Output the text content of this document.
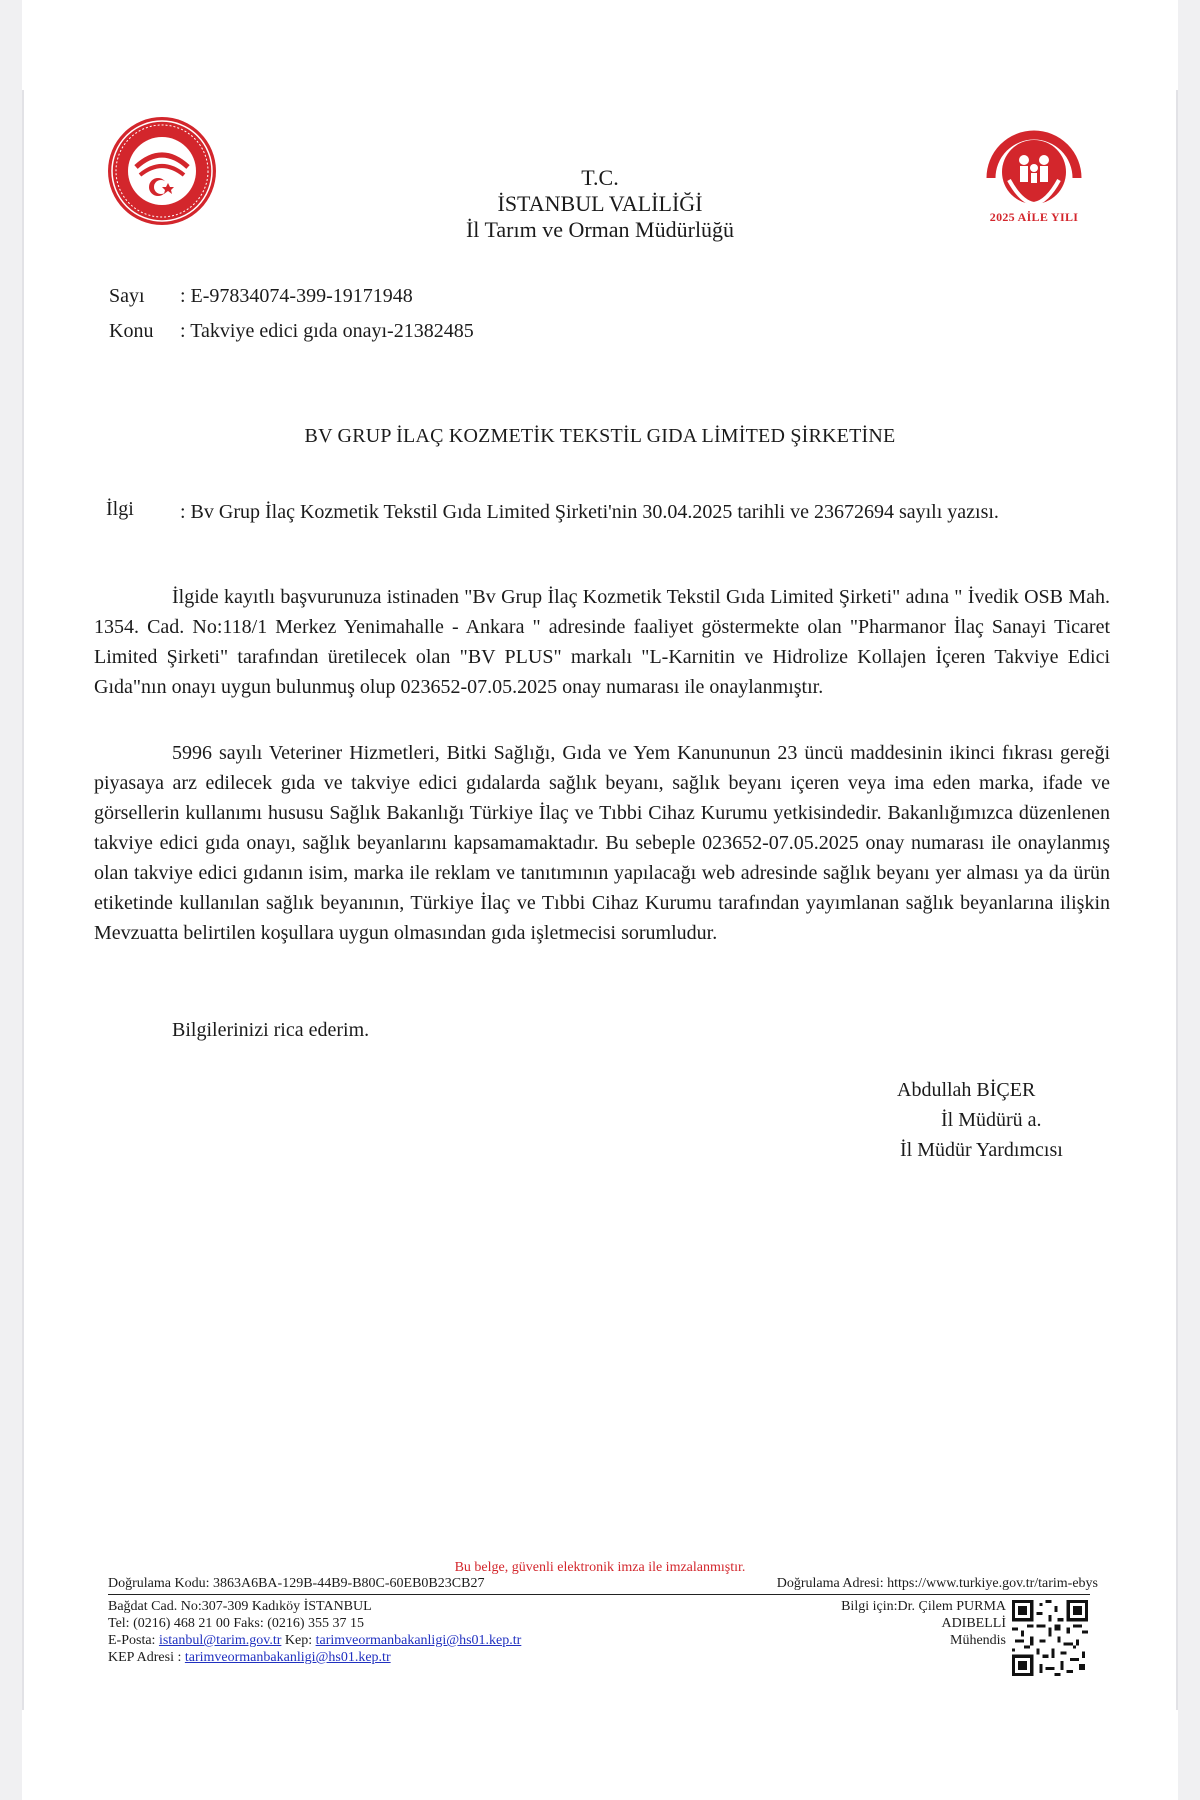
2025 AİLE YILI
T.C.
İSTANBUL VALİLİĞİ
İl Tarım ve Orman Müdürlüğü
Sayı : E-97834074-399-19171948
Konu : Takviye edici gıda onayı-21382485
BV GRUP İLAÇ KOZMETİK TEKSTİL GIDA LİMİTED ŞİRKETİNE
İlgi : Bv Grup İlaç Kozmetik Tekstil Gıda Limited Şirketi'nin 30.04.2025 tarihli ve 23672694 sayılı yazısı.
İlgide kayıtlı başvurunuza istinaden "Bv Grup İlaç Kozmetik Tekstil Gıda Limited Şirketi" adına " İvedik OSB Mah. 1354. Cad. No:118/1 Merkez Yenimahalle - Ankara " adresinde faaliyet göstermekte olan "Pharmanor İlaç Sanayi Ticaret Limited Şirketi" tarafından üretilecek olan "BV PLUS" markalı "L-Karnitin ve Hidrolize Kollajen İçeren Takviye Edici Gıda"nın onayı uygun bulunmuş olup 023652-07.05.2025 onay numarası ile onaylanmıştır.
5996 sayılı Veteriner Hizmetleri, Bitki Sağlığı, Gıda ve Yem Kanununun 23 üncü maddesinin ikinci fıkrası gereği piyasaya arz edilecek gıda ve takviye edici gıdalarda sağlık beyanı, sağlık beyanı içeren veya ima eden marka, ifade ve görsellerin kullanımı hususu Sağlık Bakanlığı Türkiye İlaç ve Tıbbi Cihaz Kurumu yetkisindedir. Bakanlığımızca düzenlenen takviye edici gıda onayı, sağlık beyanlarını kapsamamaktadır. Bu sebeple 023652-07.05.2025 onay numarası ile onaylanmış olan takviye edici gıdanın isim, marka ile reklam ve tanıtımının yapılacağı web adresinde sağlık beyanı yer alması ya da ürün etiketinde kullanılan sağlık beyanının, Türkiye İlaç ve Tıbbi Cihaz Kurumu tarafından yayımlanan sağlık beyanlarına ilişkin Mevzuatta belirtilen koşullara uygun olmasından gıda işletmecisi sorumludur.
Bilgilerinizi rica ederim.
Abdullah BİÇER
İl Müdürü a.
İl Müdür Yardımcısı
Bu belge, güvenli elektronik imza ile imzalanmıştır.
Doğrulama Kodu: 3863A6BA-129B-44B9-B80C-60EB0B23CB27	Doğrulama Adresi: https://www.turkiye.gov.tr/tarim-ebys
Bağdat Cad. No:307-309 Kadıköy İSTANBUL
Tel: (0216) 468 21 00 Faks: (0216) 355 37 15
E-Posta: istanbul@tarim.gov.tr Kep: tarimveormanbakanligi@hs01.kep.tr
KEP Adresi : tarimveormanbakanligi@hs01.kep.tr
Bilgi için:Dr. Çilem PURMA
ADIBELLİ
Mühendis
